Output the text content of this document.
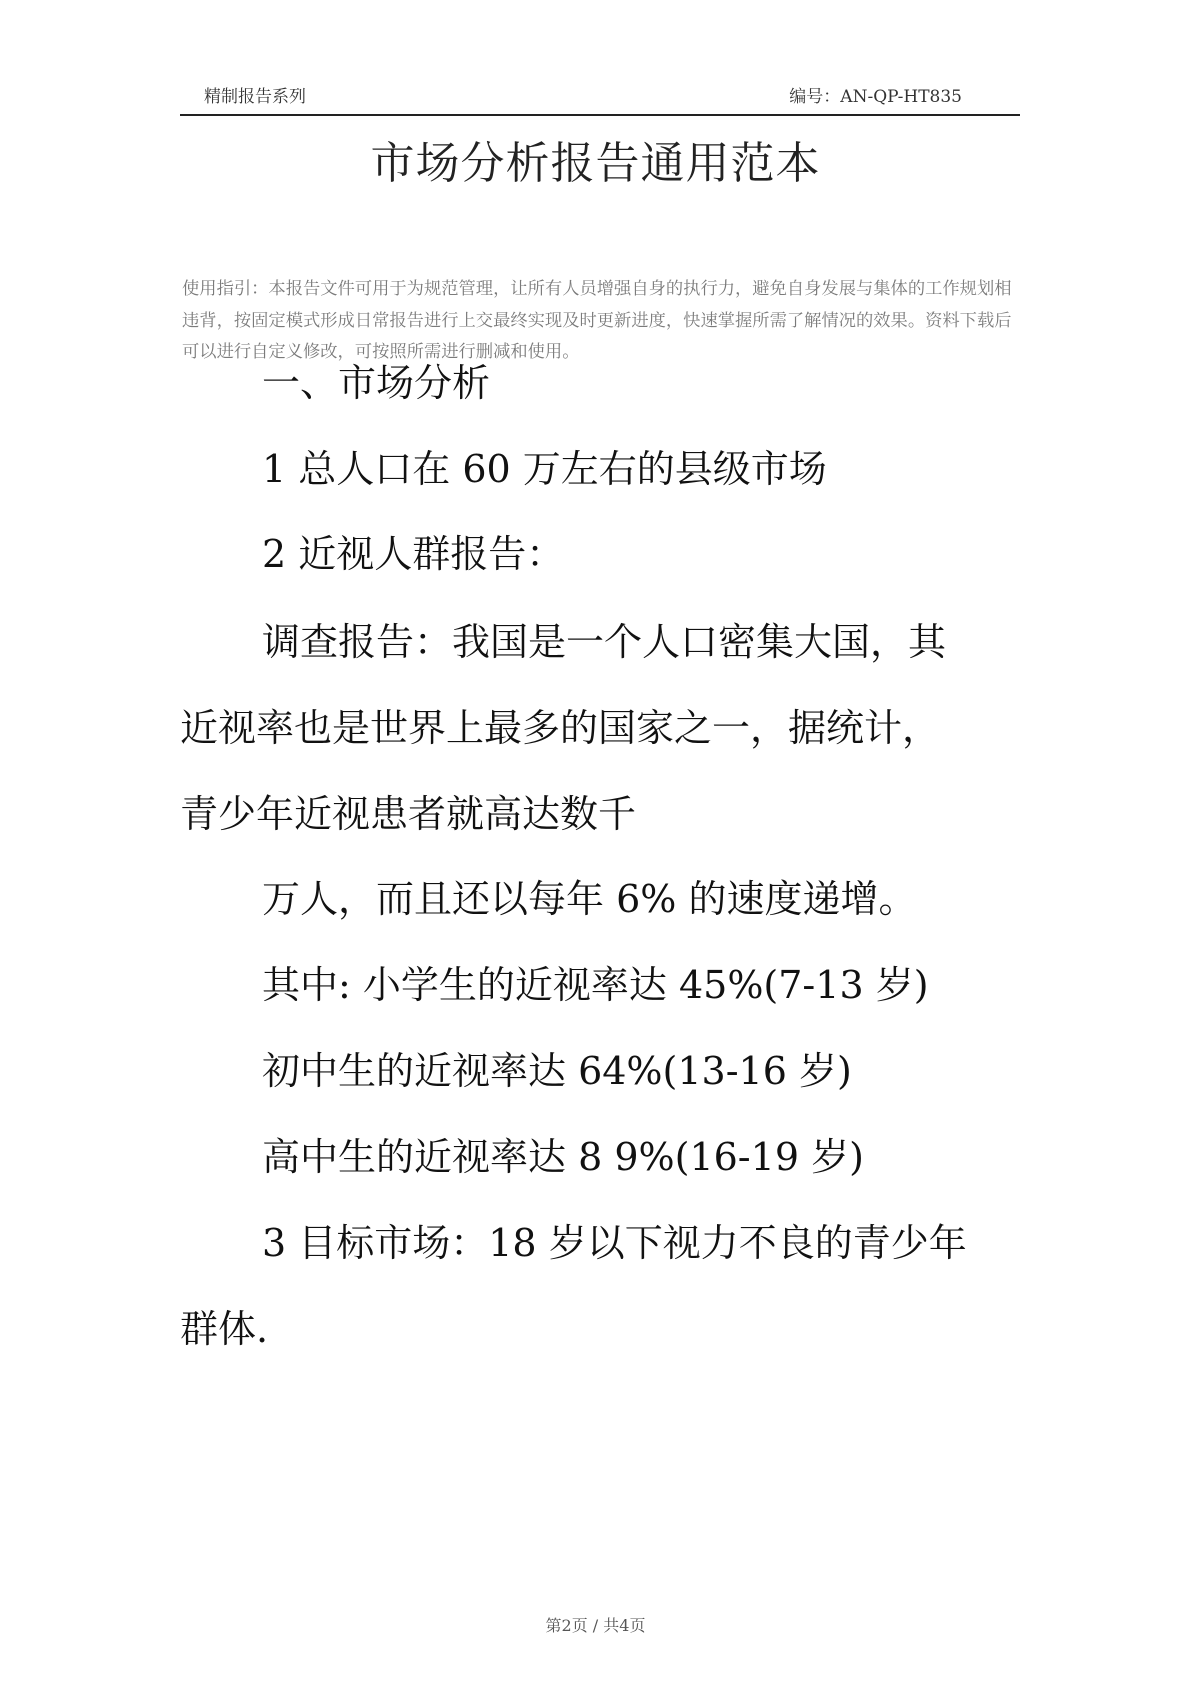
精制报告系列	编号：AN-QP-HT835
市场分析报告通用范本

使用指引：本报告文件可用于为规范管理，让所有人员增强自身的执行力，避免自身发展与集体的工作规划相违背，按固定模式形成日常报告进行上交最终实现及时更新进度，快速掌握所需了解情况的效果。资料下载后可以进行自定义修改，可按照所需进行删减和使用。

一、市场分析

1 总人口在 60 万左右的县级市场

2 近视人群报告：

调查报告：我国是一个人口密集大国，其

近视率也是世界上最多的国家之一，据统计，

青少年近视患者就高达数千

万人，而且还以每年 6% 的速度递增。

其中: 小学生的近视率达 45%(7-13 岁)

初中生的近视率达 64%(13-16 岁)

高中生的近视率达 8 9%(16-19 岁)

3 目标市场：18 岁以下视力不良的青少年

群体.

第2页 / 共4页
